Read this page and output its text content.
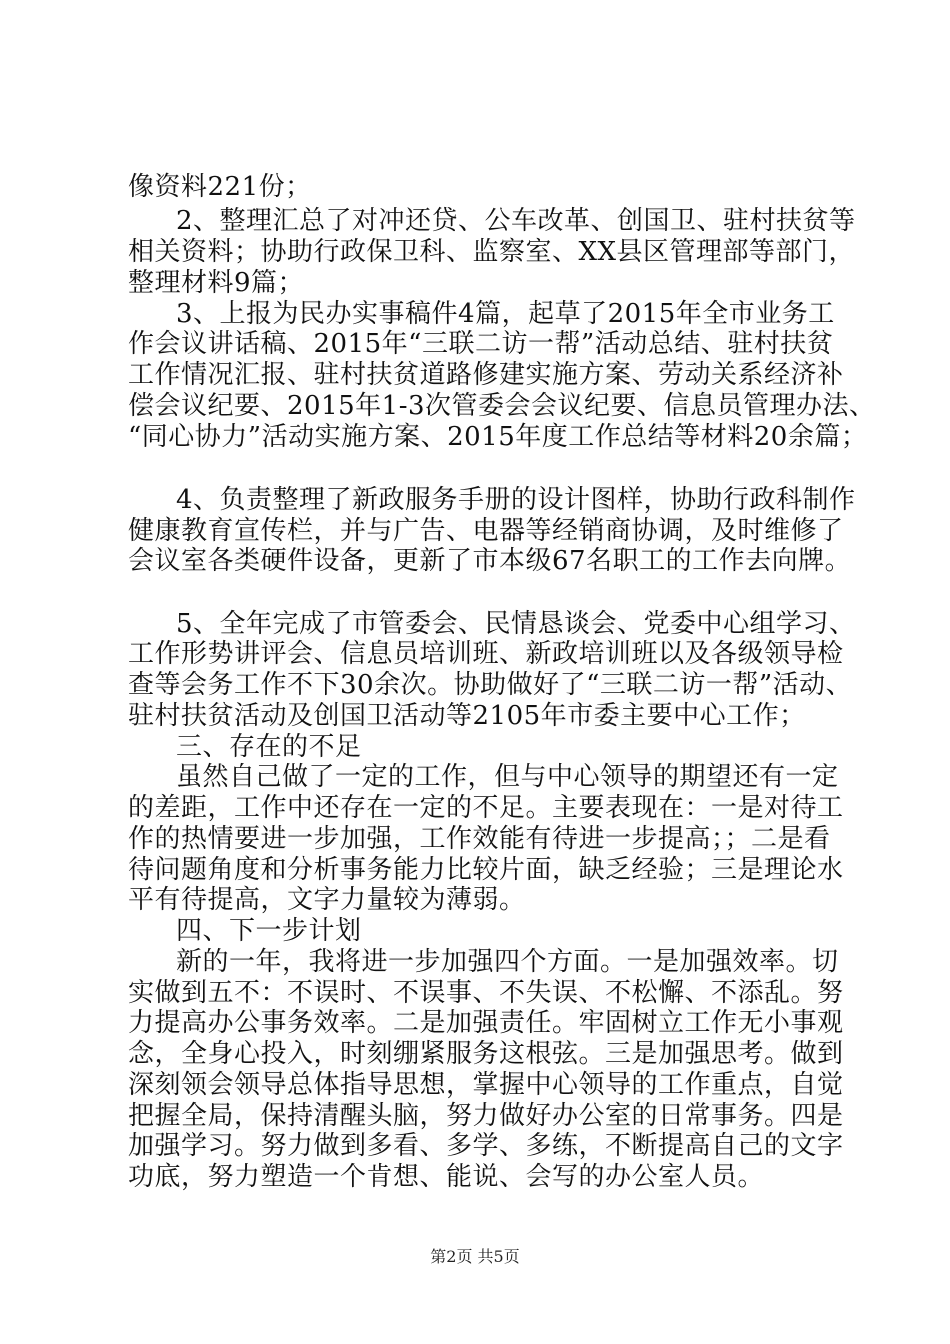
像资料221份；
2、整理汇总了对冲还贷、公车改革、创国卫、驻村扶贫等
相关资料；协助行政保卫科、监察室、XX县区管理部等部门，
整理材料9篇；
3、上报为民办实事稿件4篇，起草了2015年全市业务工
作会议讲话稿、2015年“三联二访一帮”活动总结、驻村扶贫
工作情况汇报、驻村扶贫道路修建实施方案、劳动关系经济补
偿会议纪要、2015年1-3次管委会会议纪要、信息员管理办法、
“同心协力”活动实施方案、2015年度工作总结等材料20余篇；
4、负责整理了新政服务手册的设计图样，协助行政科制作
健康教育宣传栏，并与广告、电器等经销商协调，及时维修了
会议室各类硬件设备，更新了市本级67名职工的工作去向牌。
5、全年完成了市管委会、民情恳谈会、党委中心组学习、
工作形势讲评会、信息员培训班、新政培训班以及各级领导检
查等会务工作不下30余次。协助做好了“三联二访一帮”活动、
驻村扶贫活动及创国卫活动等2105年市委主要中心工作；
三、存在的不足
虽然自己做了一定的工作，但与中心领导的期望还有一定
的差距，工作中还存在一定的不足。主要表现在：一是对待工
作的热情要进一步加强，工作效能有待进一步提高；；二是看
待问题角度和分析事务能力比较片面，缺乏经验；三是理论水
平有待提高，文字力量较为薄弱。
四、下一步计划
新的一年，我将进一步加强四个方面。一是加强效率。切
实做到五不：不误时、不误事、不失误、不松懈、不添乱。努
力提高办公事务效率。二是加强责任。牢固树立工作无小事观
念，全身心投入，时刻绷紧服务这根弦。三是加强思考。做到
深刻领会领导总体指导思想，掌握中心领导的工作重点，自觉
把握全局，保持清醒头脑，努力做好办公室的日常事务。四是
加强学习。努力做到多看、多学、多练，不断提高自己的文字
功底，努力塑造一个肯想、能说、会写的办公室人员。
第2页 共5页
